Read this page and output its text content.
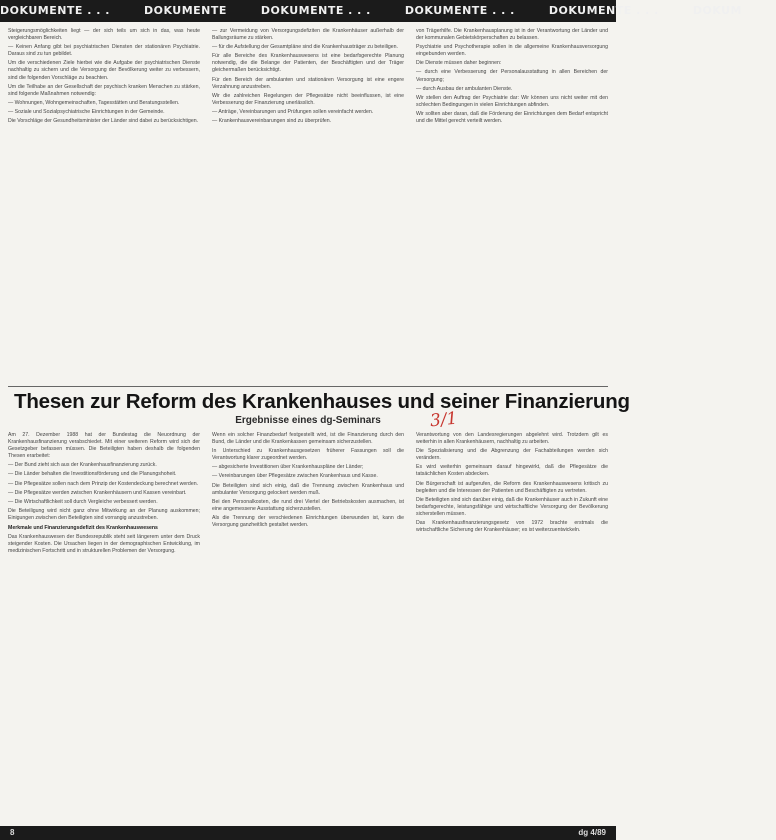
DOKUMENTE . . .	DOKUMENTE	DOKUMENTE . . .	DOKUMENTE . . .	DOKUMENTE . . .	DOKUM

Steigerungsmöglichkeiten liegt — der sich teils um sich in das, was heute vergleichbaren Bereich.

— Keinen Anfang gibt bei psychiatrischen Diensten der stationären Psychiatrie. Daraus sind zu tun gebildet.

Um die verschiedenen Ziele hierbei wie die Aufgabe der psychiatrischen Dienste nachhaltig zu sichern und die Versorgung der Bevölkerung weiter zu verbessern, sind die folgenden Vorschläge zu beachten.

Um die Teilhabe an der Gesellschaft der psychisch kranken Menschen zu stärken, sind folgende Maßnahmen notwendig:

— Wohnungen, Wohngemeinschaften, Tagesstätten und Beratungsstellen.

— Soziale und Sozialpsychiatrische Einrichtungen in der Gemeinde.

Die Vorschläge der Gesundheitsminister der Länder sind dabei zu berücksichtigen.

— zur Vermeidung von Versorgungsdefiziten die Krankenhäuser außerhalb der Ballungsräume zu stärken.

— für die Aufstellung der Gesamtpläne sind die Krankenhausträger zu beteiligen.

Für alle Bereiche des Krankenhauswesens ist eine bedarfsgerechte Planung notwendig, die die Belange der Patienten, der Beschäftigten und der Träger gleichermaßen berücksichtigt.

Für den Bereich der ambulanten und stationären Versorgung ist eine engere Verzahnung anzustreben.

Wir die zahlreichen Regelungen der Pflegesätze nicht beeinflussen, ist eine Verbesserung der Finanzierung unerlässlich.

— Anträge, Vereinbarungen und Prüfungen sollen vereinfacht werden.

— Krankenhausvereinbarungen sind zu überprüfen.

von Trägerhilfe. Die Krankenhausplanung ist in der Verantwortung der Länder und der kommunalen Gebietskörperschaften zu belassen.

Psychiatrie und Psychotherapie sollen in die allgemeine Krankenhausversorgung eingebunden werden.

Die Dienste müssen daher beginnen:

— durch eine Verbesserung der Personalausstattung in allen Bereichen der Versorgung;

— durch Ausbau der ambulanten Dienste.

Wir stellen den Auftrag der Psychiatrie dar: Wir können uns nicht weiter mit den schlechten Bedingungen in vielen Einrichtungen abfinden.

Wir sollten aber daran, daß die Förderung der Einrichtungen dem Bedarf entspricht und die Mittel gerecht verteilt werden.

Thesen zur Reform des Krankenhauses und seiner Finanzierung
Ergebnisse eines dg-Seminars	3/1

Am 27. Dezember 1988 hat der Bundestag die Neuordnung der Krankenhausfinanzierung verabschiedet. Mit einer weiteren Reform wird sich der Gesetzgeber befassen müssen. Die Beteiligten haben deshalb die folgenden Thesen erarbeitet:

— Der Bund zieht sich aus der Krankenhausfinanzierung zurück.

— Die Länder behalten die Investitionsförderung und die Planungshoheit.

— Die Pflegesätze sollen nach dem Prinzip der Kostendeckung berechnet werden.

— Die Pflegesätze werden zwischen Krankenhäusern und Kassen vereinbart.

— Die Wirtschaftlichkeit soll durch Vergleiche verbessert werden.

Die Beteiligung wird nicht ganz ohne Mitwirkung an der Planung auskommen; Einigungen zwischen den Beteiligten sind vorrangig anzustreben.

Merkmale und Finanzierungsdefizit des Krankenhauswesens

Das Krankenhauswesen der Bundesrepublik steht seit längerem unter dem Druck steigender Kosten. Die Ursachen liegen in der demographischen Entwicklung, im medizinischen Fortschritt und in strukturellen Problemen der Versorgung.

Wenn ein solcher Finanzbedarf festgestellt wird, ist die Finanzierung durch den Bund, die Länder und die Krankenkassen gemeinsam sicherzustellen.

In Unterschied zu Krankenhausgesetzen früherer Fassungen soll die Verantwortung klarer zugeordnet werden.

— abgesicherte Investitionen über Krankenhauspläne der Länder;

— Vereinbarungen über Pflegesätze zwischen Krankenhaus und Kasse.

Die Beteiligten sind sich einig, daß die Trennung zwischen Krankenhaus und ambulanter Versorgung gelockert werden muß.

Bei den Personalkosten, die rund drei Viertel der Betriebskosten ausmachen, ist eine angemessene Ausstattung sicherzustellen.

Als die Trennung der verschiedenen Einrichtungen überwunden ist, kann die Versorgung ganzheitlich gestaltet werden.

Verantwortung von den Landesregierungen abgelehnt wird. Trotzdem gilt es weiterhin in allen Krankenhäusern, nachhaltig zu arbeiten.

Die Spezialisierung und die Abgrenzung der Fachabteilungen werden sich verändern.

Es wird weiterhin gemeinsam darauf hingewirkt, daß die Pflegesätze die tatsächlichen Kosten abdecken.

Die Bürgerschaft ist aufgerufen, die Reform des Krankenhauswesens kritisch zu begleiten und die Interessen der Patienten und Beschäftigten zu vertreten.

Die Beteiligten sind sich darüber einig, daß die Krankenhäuser auch in Zukunft eine bedarfsgerechte, leistungsfähige und wirtschaftliche Versorgung der Bevölkerung sicherstellen müssen.

Das Krankenhausfinanzierungsgesetz von 1972 brachte erstmals die wirtschaftliche Sicherung der Krankenhäuser; es ist weiterzuentwickeln.

8	dg 4/89
